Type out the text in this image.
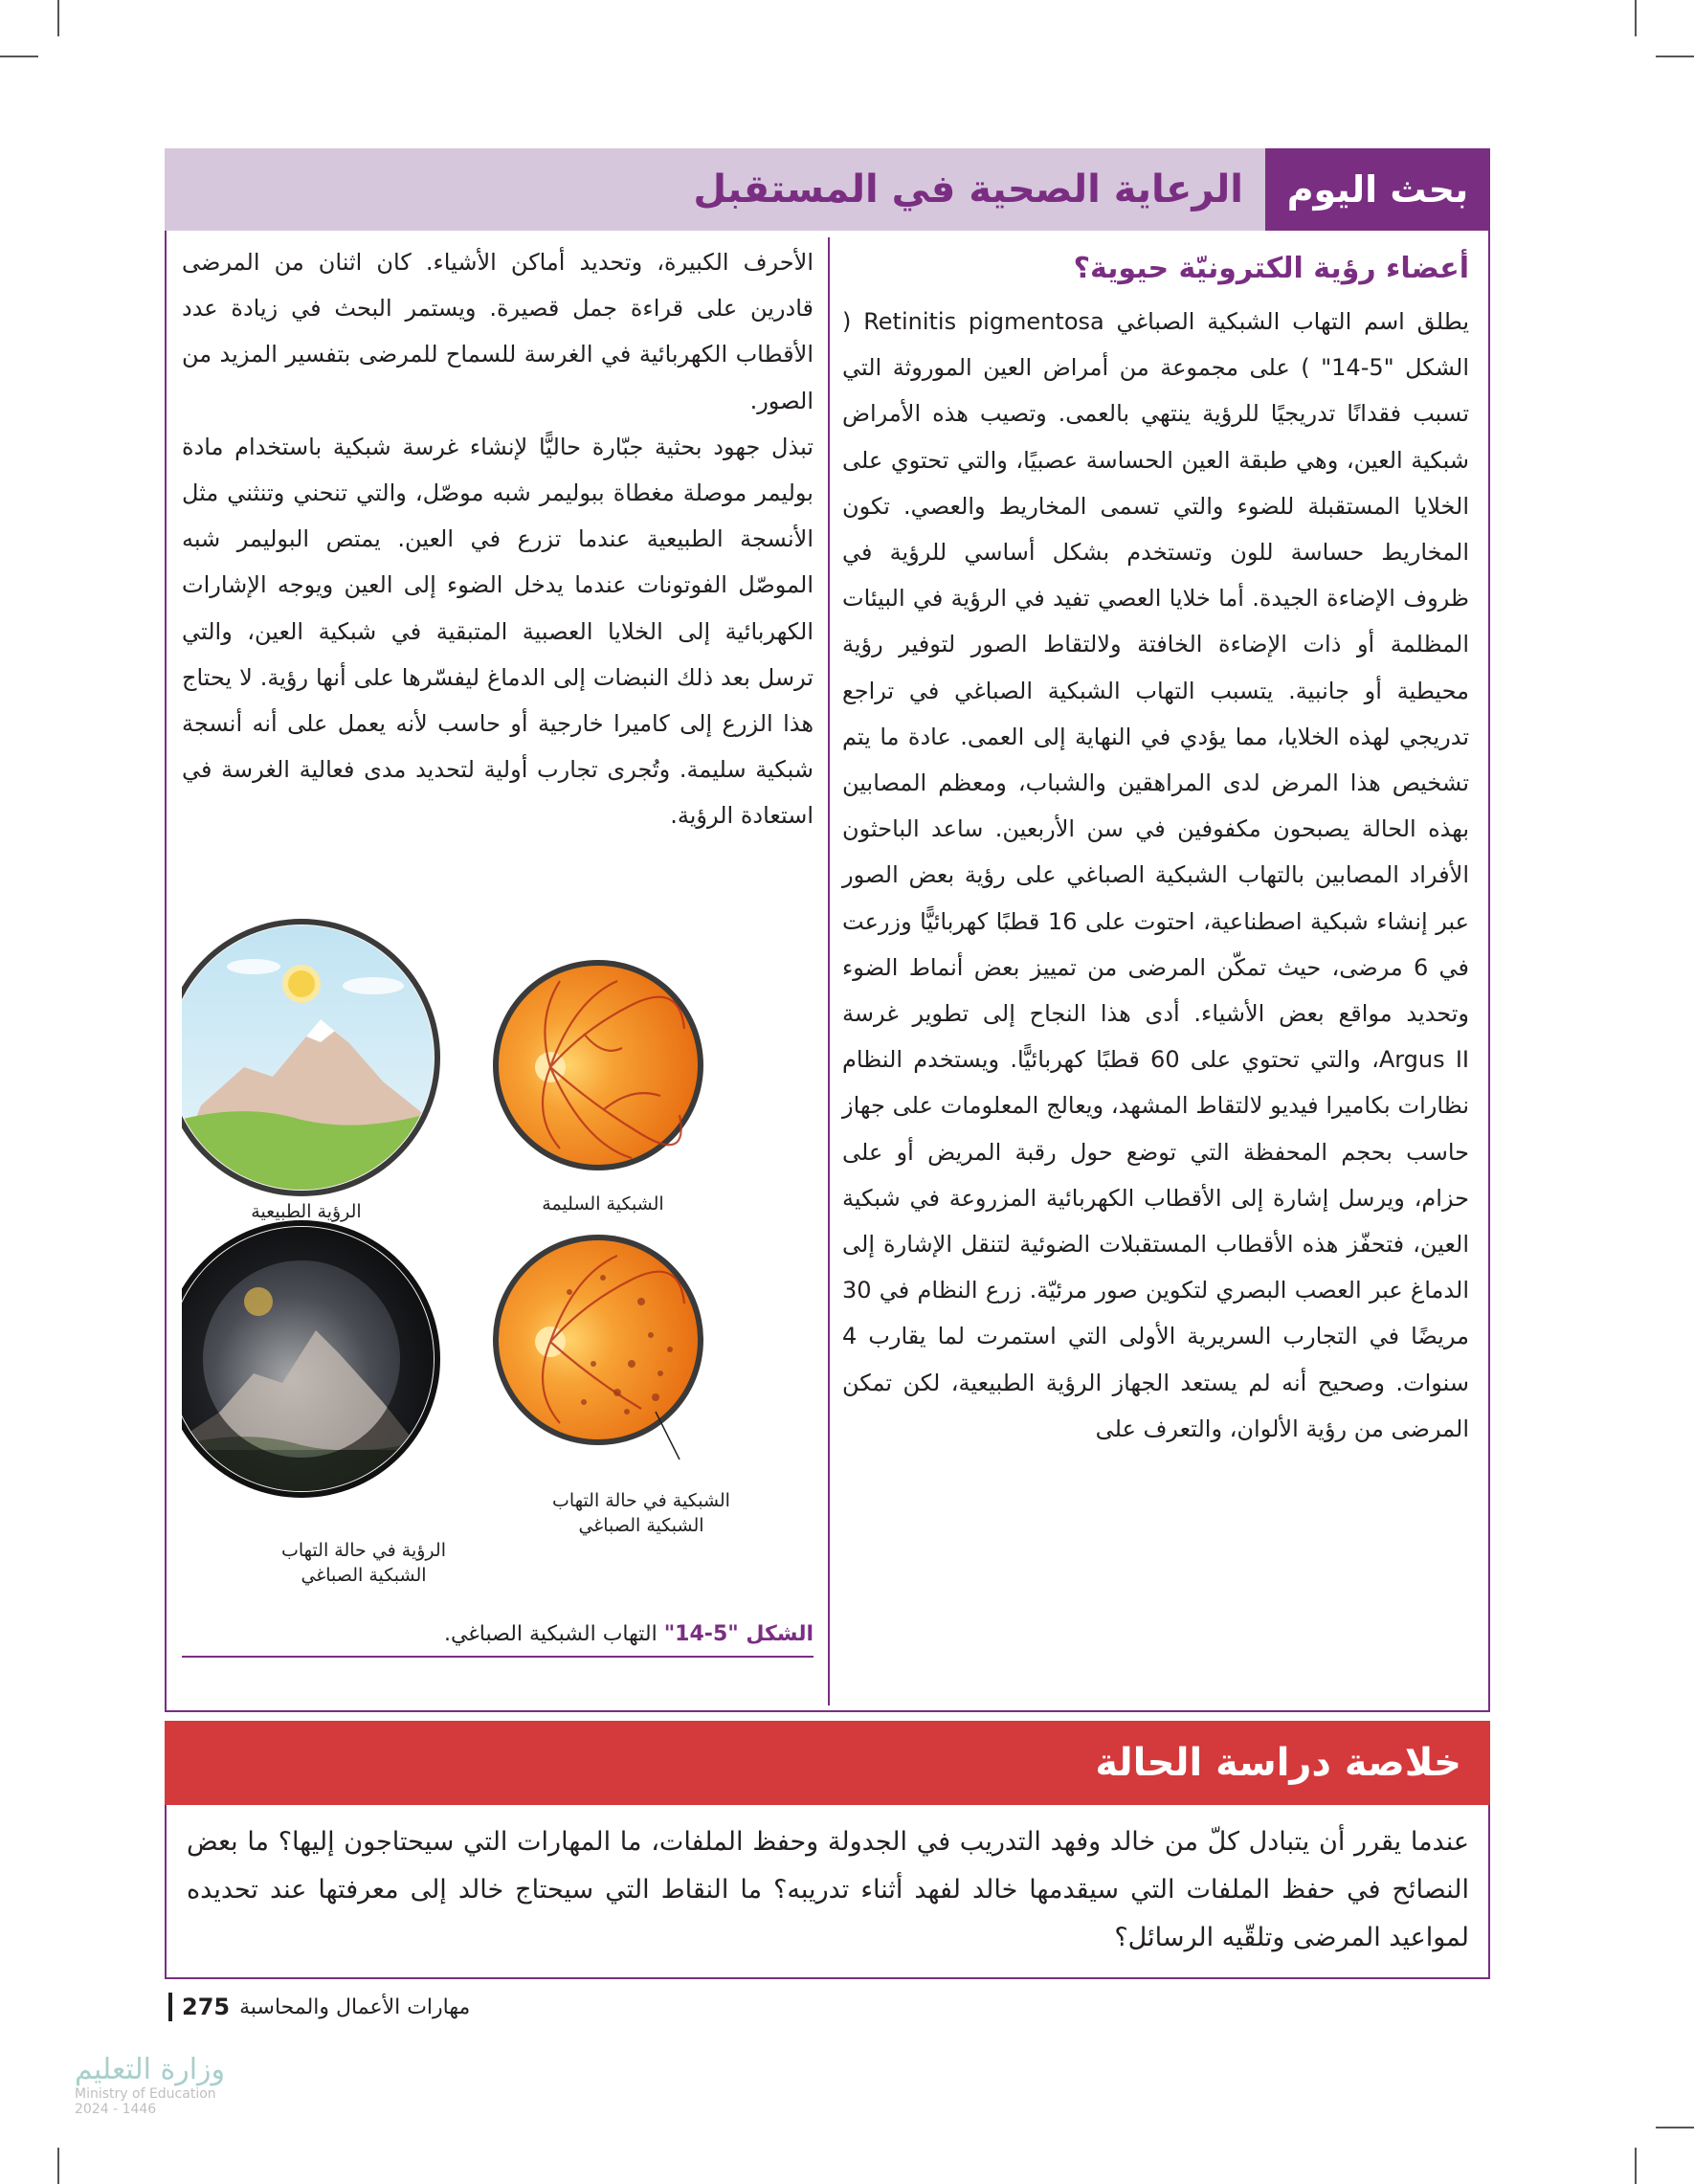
بحث اليوم
الرعاية الصحية في المستقبل
أعضاء رؤية الكترونيّة حيوية؟

يطلق اسم التهاب الشبكية الصباغي Retinitis pigmentosa ( الشكل "5-14" ) على مجموعة من أمراض العين الموروثة التي تسبب فقدانًا تدريجيًا للرؤية ينتهي بالعمى. وتصيب هذه الأمراض شبكية العين، وهي طبقة العين الحساسة عصبيًا، والتي تحتوي على الخلايا المستقبلة للضوء والتي تسمى المخاريط والعصي. تكون المخاريط حساسة للون وتستخدم بشكل أساسي للرؤية في ظروف الإضاءة الجيدة. أما خلايا العصي تفيد في الرؤية في البيئات المظلمة أو ذات الإضاءة الخافتة ولالتقاط الصور لتوفير رؤية محيطية أو جانبية. يتسبب التهاب الشبكية الصباغي في تراجع تدريجي لهذه الخلايا، مما يؤدي في النهاية إلى العمى. عادة ما يتم تشخيص هذا المرض لدى المراهقين والشباب، ومعظم المصابين بهذه الحالة يصبحون مكفوفين في سن الأربعين. ساعد الباحثون الأفراد المصابين بالتهاب الشبكية الصباغي على رؤية بعض الصور عبر إنشاء شبكية اصطناعية، احتوت على 16 قطبًا كهربائيًّا وزرعت في 6 مرضى، حيث تمكّن المرضى من تمييز بعض أنماط الضوء وتحديد مواقع بعض الأشياء. أدى هذا النجاح إلى تطوير غرسة Argus II، والتي تحتوي على 60 قطبًا كهربائيًّا. ويستخدم النظام نظارات بكاميرا فيديو لالتقاط المشهد، ويعالج المعلومات على جهاز حاسب بحجم المحفظة التي توضع حول رقبة المريض أو على حزام، ويرسل إشارة إلى الأقطاب الكهربائية المزروعة في شبكية العين، فتحفّز هذه الأقطاب المستقبلات الضوئية لتنقل الإشارة إلى الدماغ عبر العصب البصري لتكوين صور مرئيّة. زرع النظام في 30 مريضًا في التجارب السريرية الأولى التي استمرت لما يقارب 4 سنوات. وصحيح أنه لم يستعد الجهاز الرؤية الطبيعية، لكن تمكن المرضى من رؤية الألوان، والتعرف على

الأحرف الكبيرة، وتحديد أماكن الأشياء. كان اثنان من المرضى قادرين على قراءة جمل قصيرة. ويستمر البحث في زيادة عدد الأقطاب الكهربائية في الغرسة للسماح للمرضى بتفسير المزيد من الصور.

تبذل جهود بحثية جبّارة حاليًّا لإنشاء غرسة شبكية باستخدام مادة بوليمر موصلة مغطاة ببوليمر شبه موصّل، والتي تنحني وتنثني مثل الأنسجة الطبيعية عندما تزرع في العين. يمتص البوليمر شبه الموصّل الفوتونات عندما يدخل الضوء إلى العين ويوجه الإشارات الكهربائية إلى الخلايا العصبية المتبقية في شبكية العين، والتي ترسل بعد ذلك النبضات إلى الدماغ ليفسّرها على أنها رؤية. لا يحتاج هذا الزرع إلى كاميرا خارجية أو حاسب لأنه يعمل على أنه أنسجة شبكية سليمة. وتُجرى تجارب أولية لتحديد مدى فعالية الغرسة في استعادة الرؤية.

الشبكية السليمة
الرؤية الطبيعية
الشبكية في حالة التهاب
الشبكية الصباغي
الرؤية في حالة التهاب
الشبكية الصباغي
الشكل "5-14" التهاب الشبكية الصباغي.
خلاصة دراسة الحالة
عندما يقرر أن يتبادل كلّ من خالد وفهد التدريب في الجدولة وحفظ الملفات، ما المهارات التي سيحتاجون إليها؟ ما بعض النصائح في حفظ الملفات التي سيقدمها خالد لفهد أثناء تدريبه؟ ما النقاط التي سيحتاج خالد إلى معرفتها عند تحديده لمواعيد المرضى وتلقّيه الرسائل؟
مهارات الأعمال والمحاسبة
275
وزارة التعليم
Ministry of Education
2024 - 1446
